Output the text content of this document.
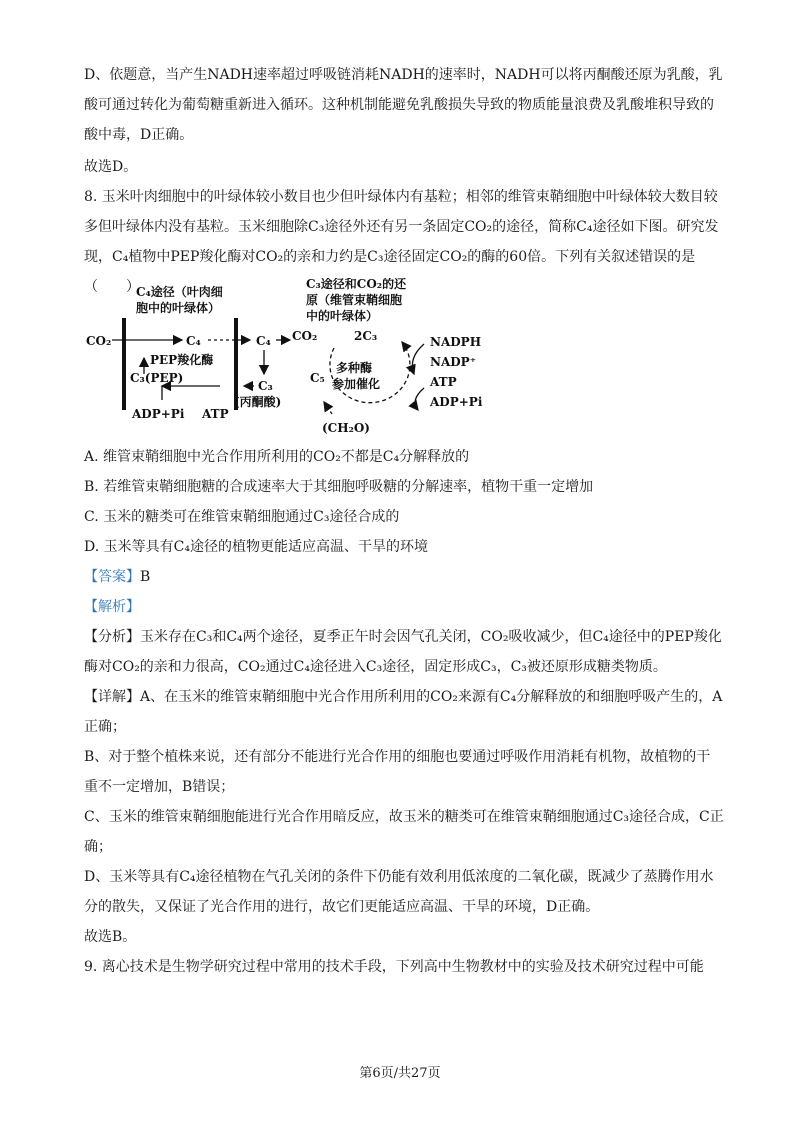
D、依题意，当产生NADH速率超过呼吸链消耗NADH的速率时，NADH可以将丙酮酸还原为乳酸，乳酸可通过转化为葡萄糖重新进入循环。这种机制能避免乳酸损失导致的物质能量浪费及乳酸堆积导致的酸中毒，D正确。
故选D。
8. 玉米叶肉细胞中的叶绿体较小数目也少但叶绿体内有基粒；相邻的维管束鞘细胞中叶绿体较大数目较多但叶绿体内没有基粒。玉米细胞除C₃途径外还有另一条固定CO₂的途径，简称C₄途径如下图。研究发现，C₄植物中PEP羧化酶对CO₂的亲和力约是C₃途径固定CO₂的酶的60倍。下列有关叙述错误的是（　　）
C₄途径（叶肉细
胞中的叶绿体）
C₃途径和CO₂的还
原（维管束鞘细胞
中的叶绿体）
CO₂	C₄
PEP羧化酶
C₃(PEP)
ADP+Pi ATP
C₄
C₃
(丙酮酸)
CO₂	2C₃
多种酶
参加催化
C₅
(CH₂O)
NADPH
NADP⁺
ATP
ADP+Pi
A. 维管束鞘细胞中光合作用所利用的CO₂不都是C₄分解释放的
B. 若维管束鞘细胞糖的合成速率大于其细胞呼吸糖的分解速率，植物干重一定增加
C. 玉米的糖类可在维管束鞘细胞通过C₃途径合成的
D. 玉米等具有C₄途径的植物更能适应高温、干旱的环境
【答案】B
【解析】
【分析】玉米存在C₃和C₄两个途径，夏季正午时会因气孔关闭，CO₂吸收减少，但C₄途径中的PEP羧化酶对CO₂的亲和力很高，CO₂通过C₄途径进入C₃途径，固定形成C₃，C₃被还原形成糖类物质。
【详解】A、在玉米的维管束鞘细胞中光合作用所利用的CO₂来源有C₄分解释放的和细胞呼吸产生的，A正确；
B、对于整个植株来说，还有部分不能进行光合作用的细胞也要通过呼吸作用消耗有机物，故植物的干重不一定增加，B错误；
C、玉米的维管束鞘细胞能进行光合作用暗反应，故玉米的糖类可在维管束鞘细胞通过C₃途径合成，C正确；
D、玉米等具有C₄途径植物在气孔关闭的条件下仍能有效利用低浓度的二氧化碳，既减少了蒸腾作用水分的散失，又保证了光合作用的进行，故它们更能适应高温、干旱的环境，D正确。
故选B。
9. 离心技术是生物学研究过程中常用的技术手段，下列高中生物教材中的实验及技术研究过程中可能
第6页/共27页
